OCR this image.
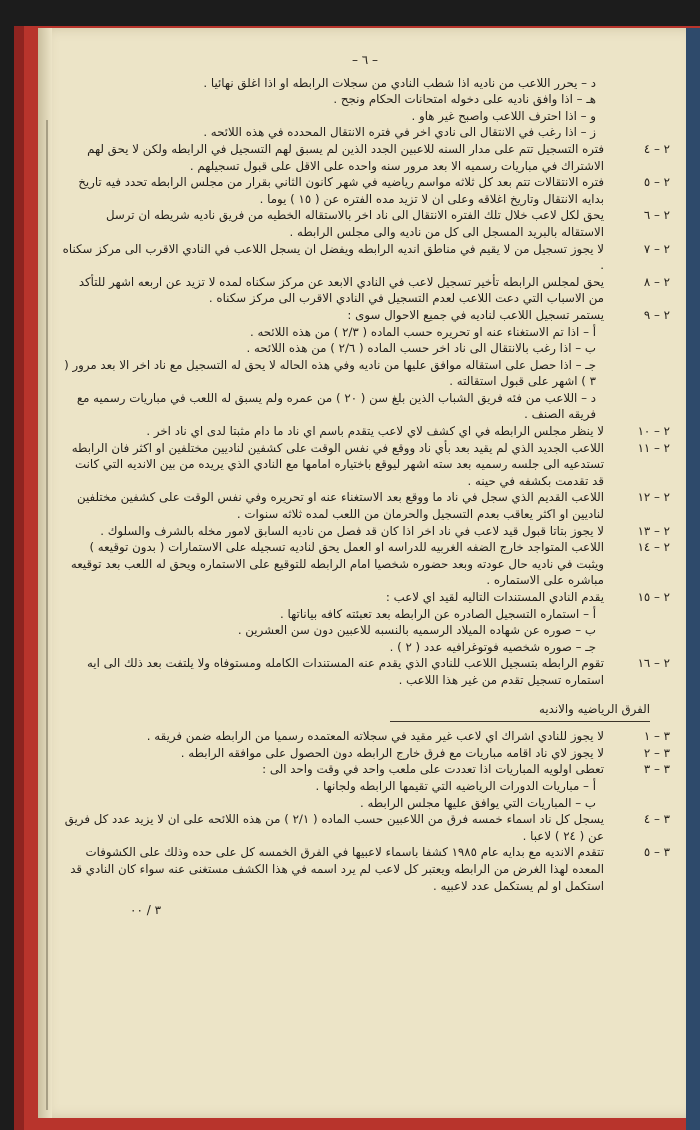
– ٦ –
د – يحرر اللاعب من ناديه اذا شطب النادي من سجلات الرابطه او اذا اغلق نهائيا .
هـ – اذا وافق ناديه على دخوله امتحانات الحكام ونجح .
و – اذا احترف اللاعب واصبح غير هاو .
ز – اذا رغب في الانتقال الى نادي اخر في فتره الانتقال المحدده في هذه اللائحه .
٢ – ٤
فتره التسجيل تتم على مدار السنه للاعبين الجدد الذين لم يسبق لهم التسجيل في الرابطه ولكن لا يحق لهم الاشتراك في مباريات رسميه الا بعد مرور سنه واحده على الاقل على قبول تسجيلهم .
٢ – ٥
فتره الانتقالات تتم بعد كل ثلاثه مواسم رياضيه في شهر كانون الثاني بقرار من مجلس الرابطه تحدد فيه تاريخ بدايه الانتقال وتاريخ اغلاقه وعلى ان لا تزيد مده الفتره عن ( ١٥ ) يوما .
٢ – ٦
يحق لكل لاعب خلال تلك الفتره الانتقال الى ناد اخر بالاستقاله الخطيه من فريق ناديه شريطه ان ترسل الاستقاله بالبريد المسجل الى كل من ناديه والى مجلس الرابطه .
٢ – ٧
لا يجوز تسجيل من لا يقيم في مناطق انديه الرابطه ويفضل ان يسجل اللاعب في النادي الاقرب الى مركز سكناه .
٢ – ٨
يحق لمجلس الرابطه تأخير تسجيل لاعب في النادي الابعد عن مركز سكناه لمده لا تزيد عن اربعه اشهر للتأكد من الاسباب التي دعت اللاعب لعدم التسجيل في النادي الاقرب الى مركز سكناه .
٢ – ٩
يستمر تسجيل اللاعب لناديه في جميع الاحوال سوى :
أ – اذا تم الاستغناء عنه او تحريره حسب الماده ( ٢/٣ ) من هذه اللائحه .
ب – اذا رغب بالانتقال الى ناد اخر حسب الماده ( ٢/٦ ) من هذه اللائحه .
جـ – اذا حصل على استقاله موافق عليها من ناديه وفي هذه الحاله لا يحق له التسجيل مع ناد اخر الا بعد مرور ( ٣ ) اشهر على قبول استقالته .
د – اللاعب من فئه فريق الشباب الذين بلغ سن ( ٢٠ ) من عمره ولم يسبق له اللعب في مباريات رسميه مع فريقه الصنف .
٢ – ١٠
لا ينظر مجلس الرابطه في اي كشف لاي لاعب يتقدم باسم اي ناد ما دام مثبتا لدى اي ناد اخر .
٢ – ١١
اللاعب الجديد الذي لم يقيد بعد بأي ناد ووقع في نفس الوقت على كشفين لناديين مختلفين او اكثر فان الرابطه تستدعيه الى جلسه رسميه بعد سته اشهر ليوقع باختياره امامها مع النادي الذي يريده من بين الانديه التي كانت قد تقدمت بكشفه في حينه .
٢ – ١٢
اللاعب القديم الذي سجل في ناد ما ووقع بعد الاستغناء عنه او تحريره وفي نفس الوقت على كشفين مختلفين لناديين او اكثر يعاقب بعدم التسجيل والحرمان من اللعب لمده ثلاثه سنوات .
٢ – ١٣
لا يجوز بتاتا قبول قيد لاعب في ناد اخر اذا كان قد فصل من ناديه السابق لامور مخله بالشرف والسلوك .
٢ – ١٤
اللاعب المتواجد خارج الضفه الغربيه للدراسه او العمل يحق لناديه تسجيله على الاستمارات ( بدون توقيعه ) ويثبت في ناديه حال عودته وبعد حضوره شخصيا امام الرابطه للتوقيع على الاستماره ويحق له اللعب بعد توقيعه مباشره على الاستماره .
٢ – ١٥
يقدم النادي المستندات التاليه لقيد اي لاعب :
أ – استماره التسجيل الصادره عن الرابطه بعد تعبئته كافه بياناتها .
ب – صوره عن شهاده الميلاد الرسميه بالنسبه للاعبين دون سن العشرين .
جـ – صوره شخصيه فوتوغرافيه عدد ( ٢ ) .
٢ – ١٦
تقوم الرابطه بتسجيل اللاعب للنادي الذي يقدم عنه المستندات الكامله ومستوفاه ولا يلتفت بعد ذلك الى ايه استماره تسجيل تقدم من غير هذا اللاعب .
الفرق الرياضيه والانديه
٣ – ١
لا يجوز للنادي اشراك اي لاعب غير مقيد في سجلاته المعتمده رسميا من الرابطه ضمن فريقه .
٣ – ٢
لا يجوز لاي ناد اقامه مباريات مع فرق خارج الرابطه دون الحصول على موافقه الرابطه .
٣ – ٣
تعطى اولويه المباريات اذا تعددت على ملعب واحد في وقت واحد الى :
أ – مباريات الدورات الرياضيه التي تقيمها الرابطه ولجانها .
ب – المباريات التي يوافق عليها مجلس الرابطه .
٣ – ٤
يسجل كل ناد اسماء خمسه فرق من اللاعبين حسب الماده ( ٢/١ ) من هذه اللائحه على ان لا يزيد عدد كل فريق عن ( ٢٤ ) لاعبا .
٣ – ٥
تتقدم الانديه مع بدايه عام ١٩٨٥ كشفا باسماء لاعبيها في الفرق الخمسه كل على حده وذلك على الكشوفات المعده لهذا الغرض من الرابطه ويعتبر كل لاعب لم يرد اسمه في هذا الكشف مستغنى عنه سواء كان النادي قد استكمل او لم يستكمل عدد لاعبيه .
٣ / ٠٠
